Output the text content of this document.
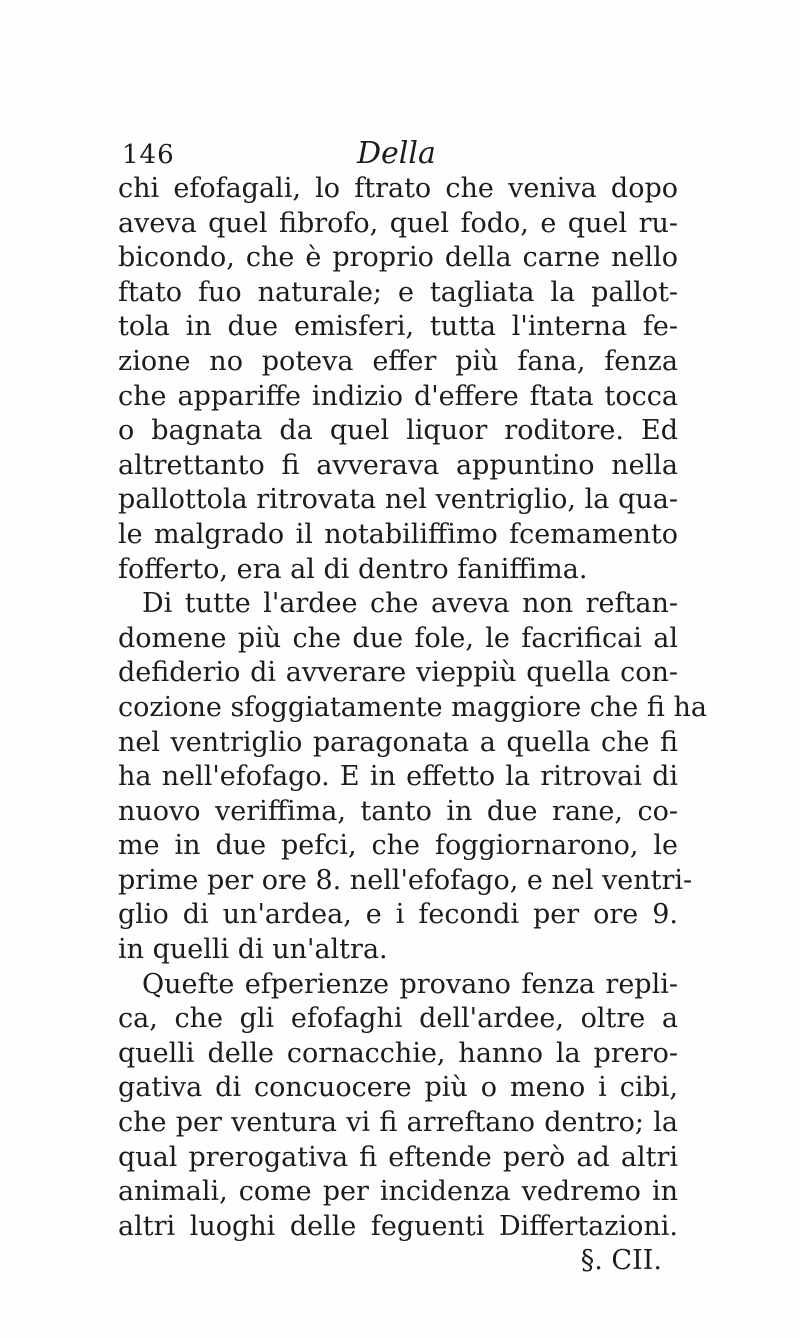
146	Della
chi efofagali, lo ftrato che veniva dopo
aveva quel fibrofo, quel fodo, e quel ru-
bicondo, che è proprio della carne nello
ftato fuo naturale; e tagliata la pallot-
tola in due emisferi, tutta l'interna fe-
zione no poteva effer più fana, fenza
che appariffe indizio d'effere ftata tocca
o bagnata da quel liquor roditore. Ed
altrettanto fi avverava appuntino nella
pallottola ritrovata nel ventriglio, la qua-
le malgrado il notabiliffimo fcemamento
fofferto, era al di dentro faniffima.
Di tutte l'ardee che aveva non reftan-
domene più che due fole, le facrificai al
defiderio di avverare vieppiù quella con-
cozione sfoggiatamente maggiore che fi ha
nel ventriglio paragonata a quella che fi
ha nell'efofago. E in effetto la ritrovai di
nuovo veriffima, tanto in due rane, co-
me in due pefci, che foggiornarono, le
prime per ore 8. nell'efofago, e nel ventri-
glio di un'ardea, e i fecondi per ore 9.
in quelli di un'altra.
Quefte efperienze provano fenza repli-
ca, che gli efofaghi dell'ardee, oltre a
quelli delle cornacchie, hanno la prero-
gativa di concuocere più o meno i cibi,
che per ventura vi fi arreftano dentro; la
qual prerogativa fi eftende però ad altri
animali, come per incidenza vedremo in
altri luoghi delle feguenti Differtazioni.
§. CII.
